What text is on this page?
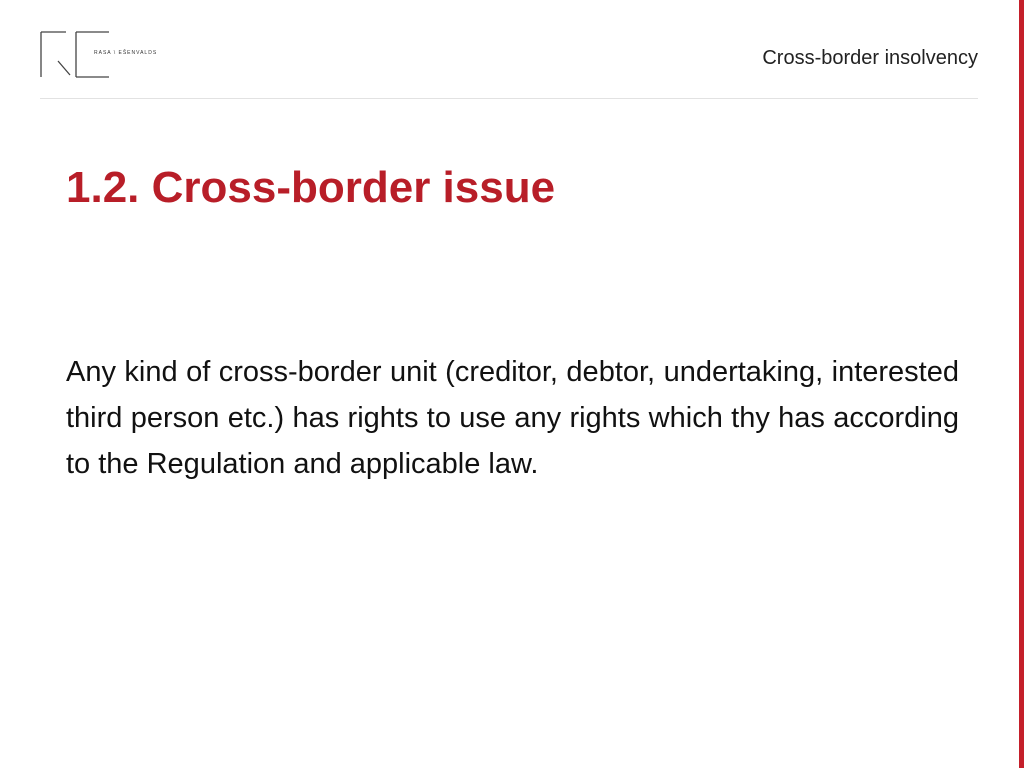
RASA \ EŠENVALDS	Cross-border insolvency
1.2. Cross-border issue

Any kind of cross-border unit (creditor, debtor, undertaking, interested third person etc.) has rights to use any rights which thy has according to the Regulation and applicable law.
